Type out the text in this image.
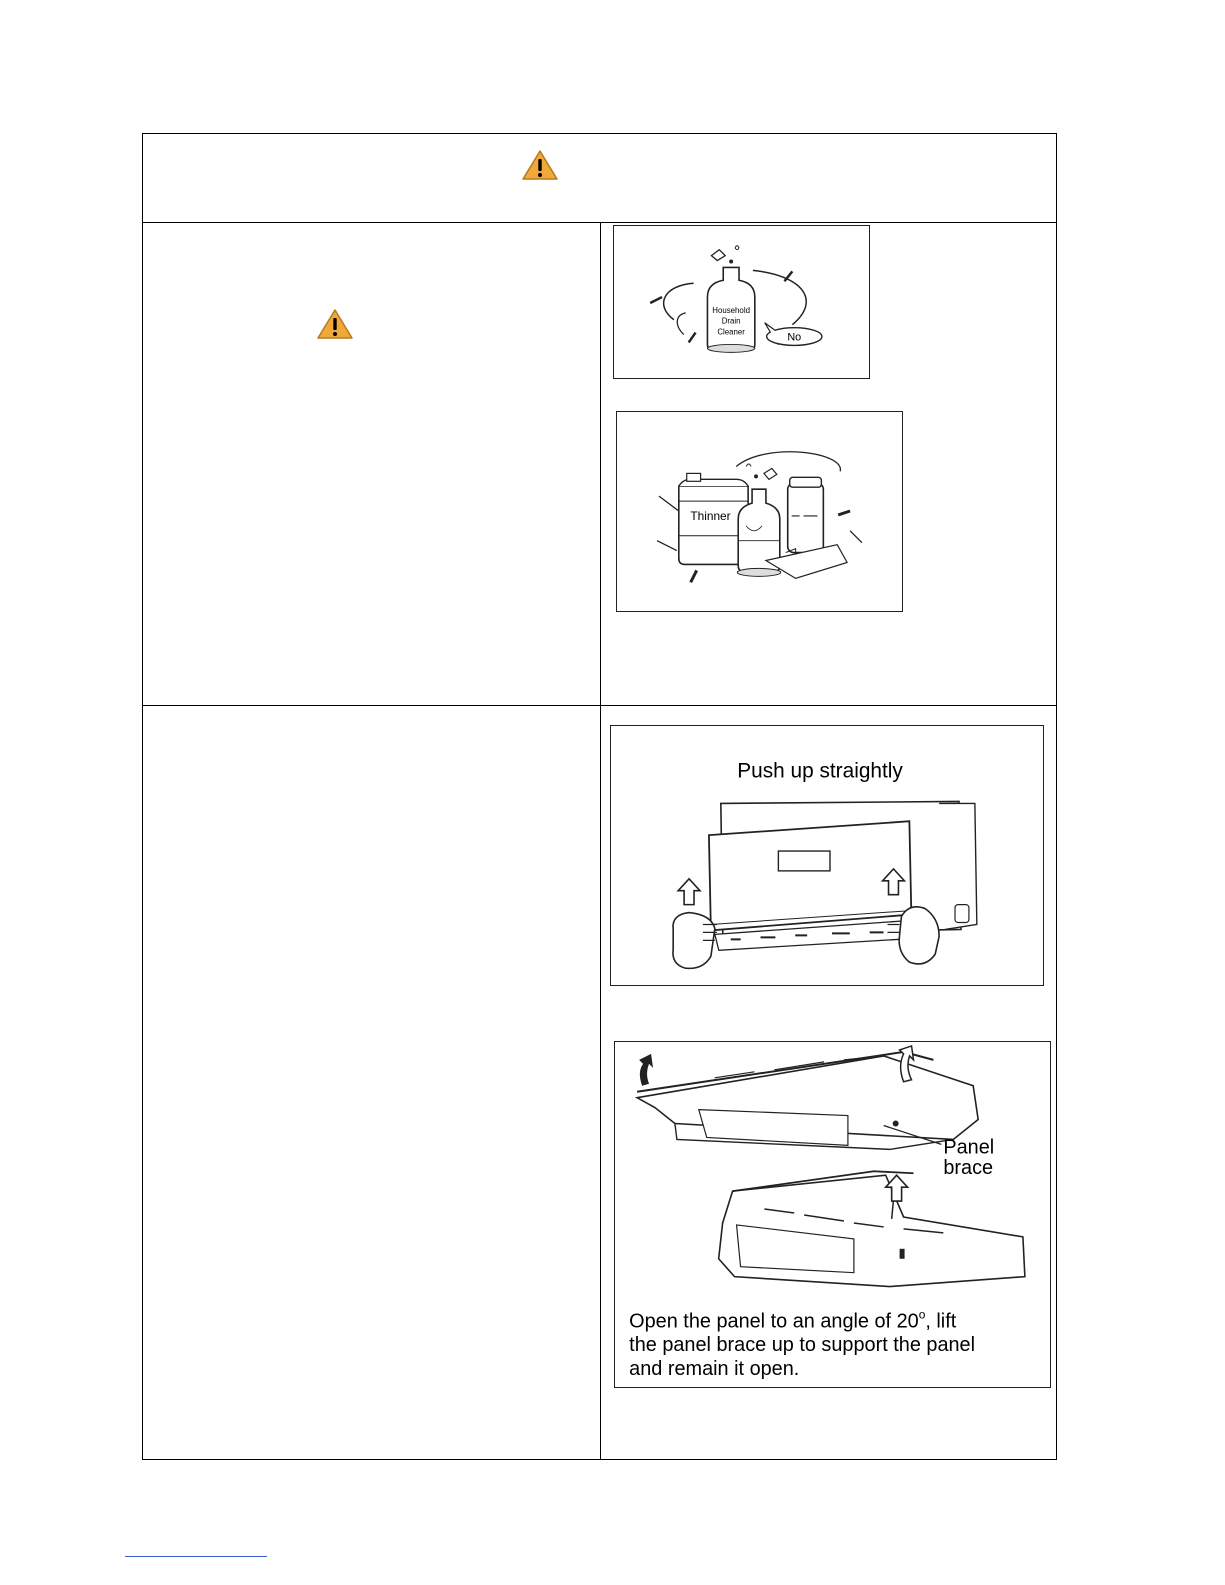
Household
Drain
Cleaner	No
Thinner
Push up straightly
Panel
brace
Open the panel to an angle of 20$^o$, lift
the panel brace up to support the panel
and remain it open.
